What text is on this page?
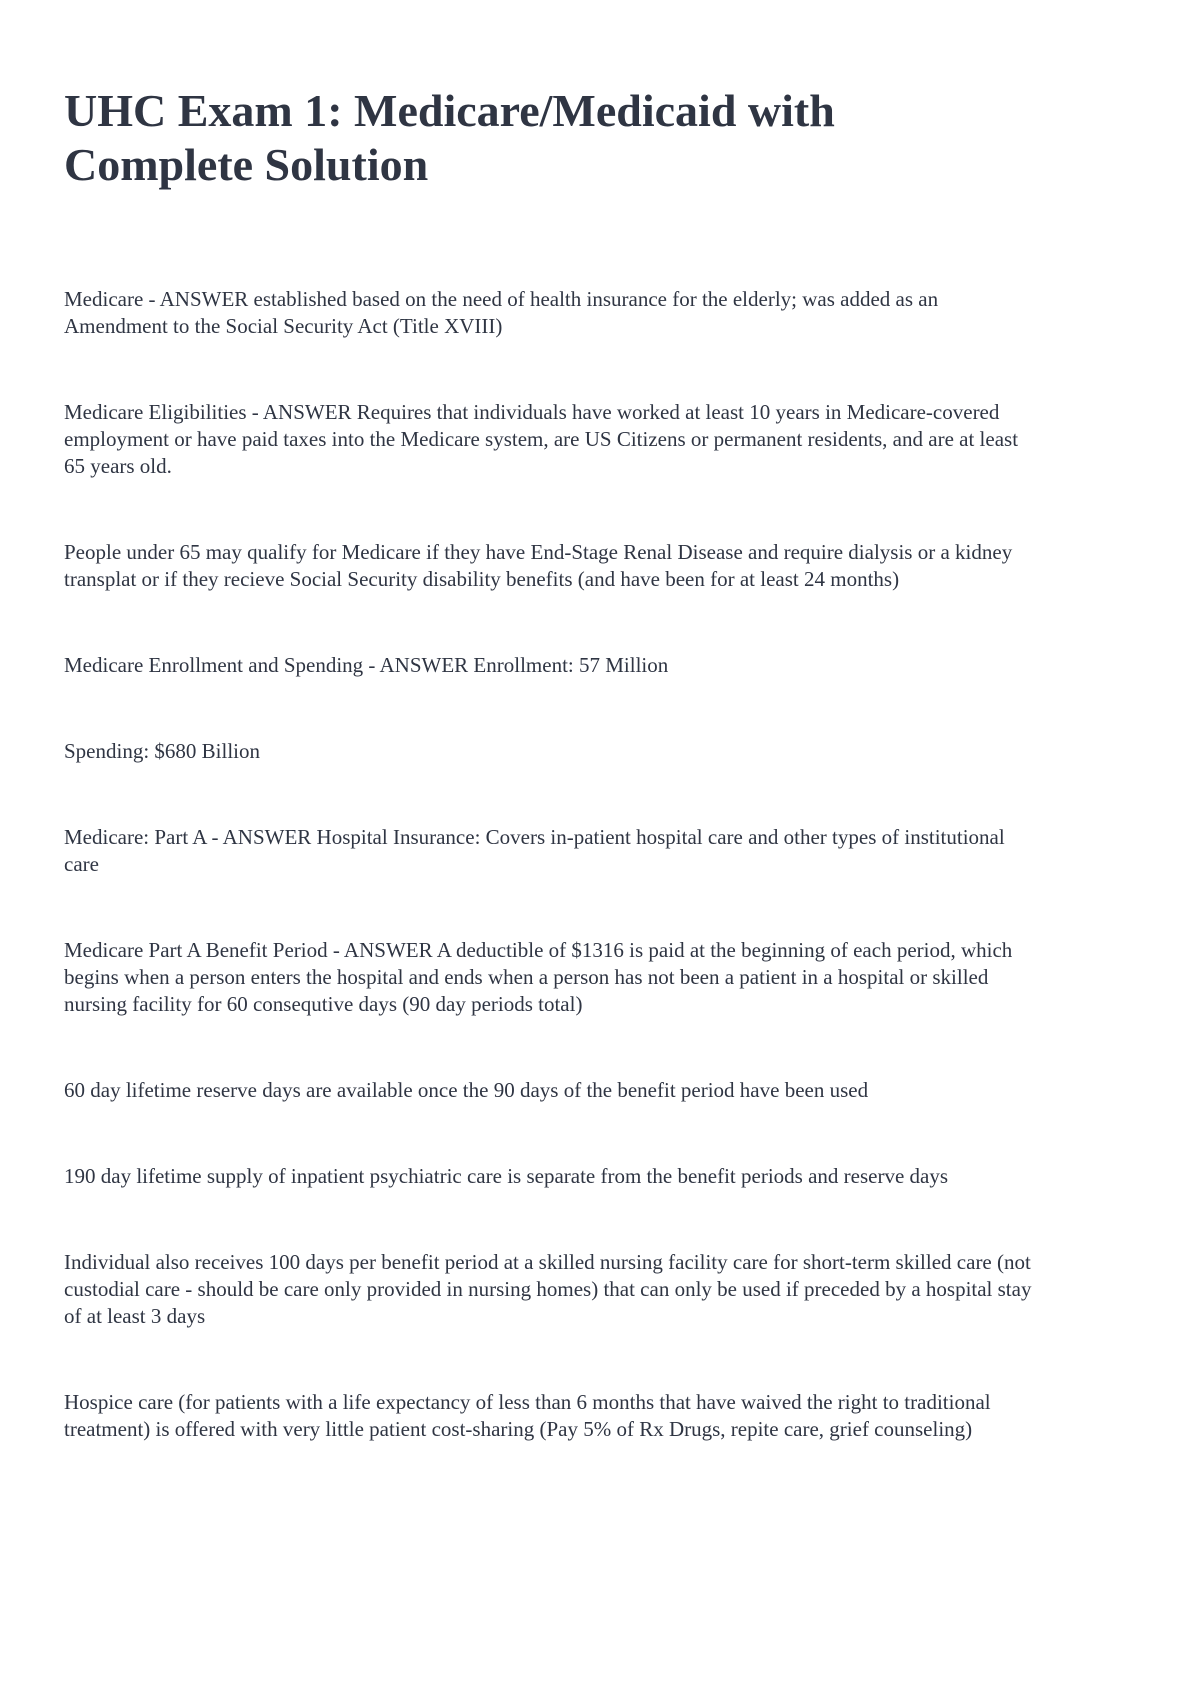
UHC Exam 1: Medicare/Medicaid with Complete Solution

Medicare - ANSWER established based on the need of health insurance for the elderly; was added as an Amendment to the Social Security Act (Title XVIII)

Medicare Eligibilities - ANSWER Requires that individuals have worked at least 10 years in Medicare-covered employment or have paid taxes into the Medicare system, are US Citizens or permanent residents, and are at least 65 years old.

People under 65 may qualify for Medicare if they have End-Stage Renal Disease and require dialysis or a kidney transplat or if they recieve Social Security disability benefits (and have been for at least 24 months)

Medicare Enrollment and Spending - ANSWER Enrollment: 57 Million

Spending: $680 Billion

Medicare: Part A - ANSWER Hospital Insurance: Covers in-patient hospital care and other types of institutional care

Medicare Part A Benefit Period - ANSWER A deductible of $1316 is paid at the beginning of each period, which begins when a person enters the hospital and ends when a person has not been a patient in a hospital or skilled nursing facility for 60 consequtive days (90 day periods total)

60 day lifetime reserve days are available once the 90 days of the benefit period have been used

190 day lifetime supply of inpatient psychiatric care is separate from the benefit periods and reserve days

Individual also receives 100 days per benefit period at a skilled nursing facility care for short-term skilled care (not custodial care - should be care only provided in nursing homes) that can only be used if preceded by a hospital stay of at least 3 days

Hospice care (for patients with a life expectancy of less than 6 months that have waived the right to traditional treatment) is offered with very little patient cost-sharing (Pay 5% of Rx Drugs, repite care, grief counseling)
